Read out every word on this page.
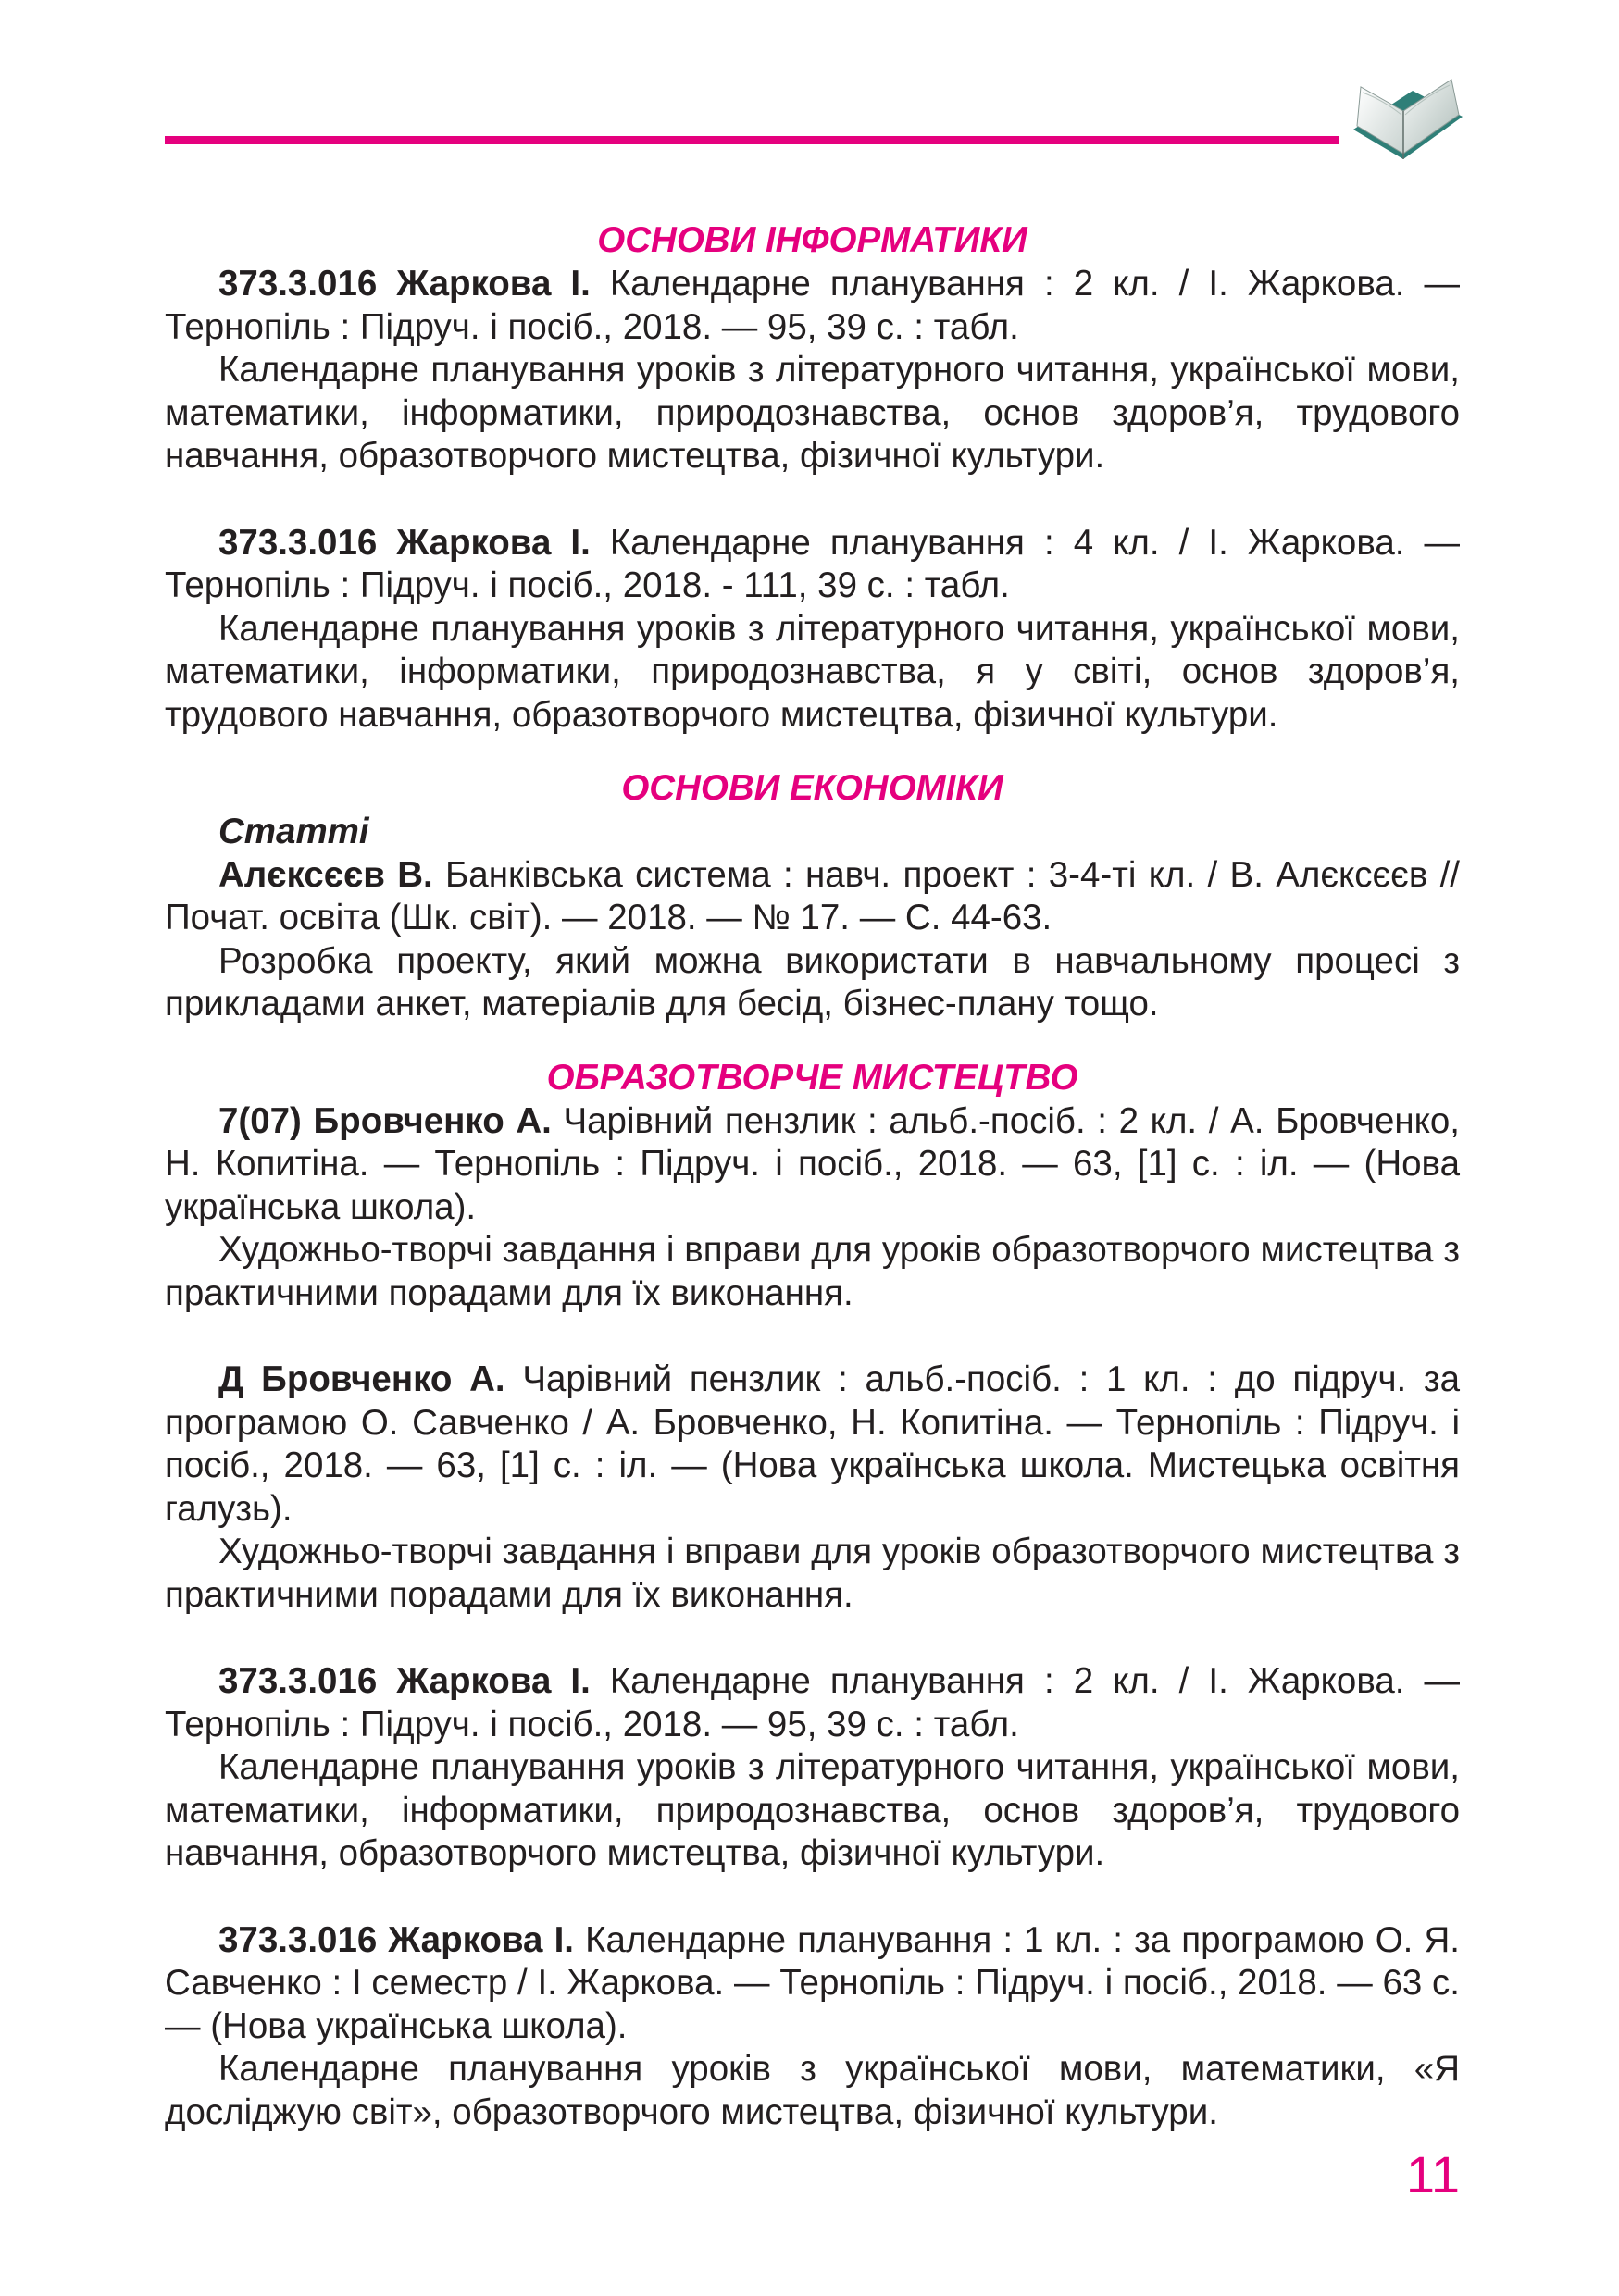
ОСНОВИ ІНФОРМАТИКИ

373.3.016 Жаркова І. Календарне планування : 2 кл. / І. Жаркова. — Тернопіль : Підруч. і посіб., 2018. — 95, 39 с. : табл.

Календарне планування уроків з літературного читання, української мови, математики, інформатики, природознавства, основ здоров’я, трудового навчання, образотворчого мистецтва, фізичної культури.

373.3.016 Жаркова І. Календарне планування : 4 кл. / І. Жаркова. — Тернопіль : Підруч. і посіб., 2018. - 111, 39 с. : табл.

Календарне планування уроків з літературного читання, української мови, математики, інформатики, природознавства, я у світі, основ здоров’я, трудового навчання, образотворчого мистецтва, фізичної культури.

ОСНОВИ ЕКОНОМІКИ
Статті

Алєксєєв В. Банківська система : навч. проект : 3-4-ті кл. / В. Алєксєєв // Почат. освіта (Шк. світ). — 2018. — № 17. — С. 44-63.

Розробка проекту, який можна використати в навчальному процесі з прикладами анкет, матеріалів для бесід, бізнес-плану тощо.

ОБРАЗОТВОРЧЕ МИСТЕЦТВО

7(07) Бровченко А. Чарівний пензлик : альб.-посіб. : 2 кл. / А. Бровченко, Н. Копитіна. — Тернопіль : Підруч. і посіб., 2018. — 63, [1] с. : іл. — (Нова українська школа).

Художньо-творчі завдання і вправи для уроків образотворчого мистецтва з практичними порадами для їх виконання.

Д Бровченко А. Чарівний пензлик : альб.-посіб. : 1 кл. : до підруч. за програмою О. Савченко / А. Бровченко, Н. Копитіна. — Тернопіль : Підруч. і посіб., 2018. — 63, [1] с. : іл. — (Нова українська школа. Мистецька освітня галузь).

Художньо-творчі завдання і вправи для уроків образотворчого мистецтва з практичними порадами для їх виконання.

373.3.016 Жаркова І. Календарне планування : 2 кл. / І. Жаркова. — Тернопіль : Підруч. і посіб., 2018. — 95, 39 с. : табл.

Календарне планування уроків з літературного читання, української мови, математики, інформатики, природознавства, основ здоров’я, трудового навчання, образотворчого мистецтва, фізичної культури.

373.3.016 Жаркова І. Календарне планування : 1 кл. : за програмою О. Я. Савченко : І семестр / І. Жаркова. — Тернопіль : Підруч. і посіб., 2018. — 63 с. — (Нова українська школа).

Календарне планування уроків з української мови, математики, «Я досліджую світ», образотворчого мистецтва, фізичної культури.

11
